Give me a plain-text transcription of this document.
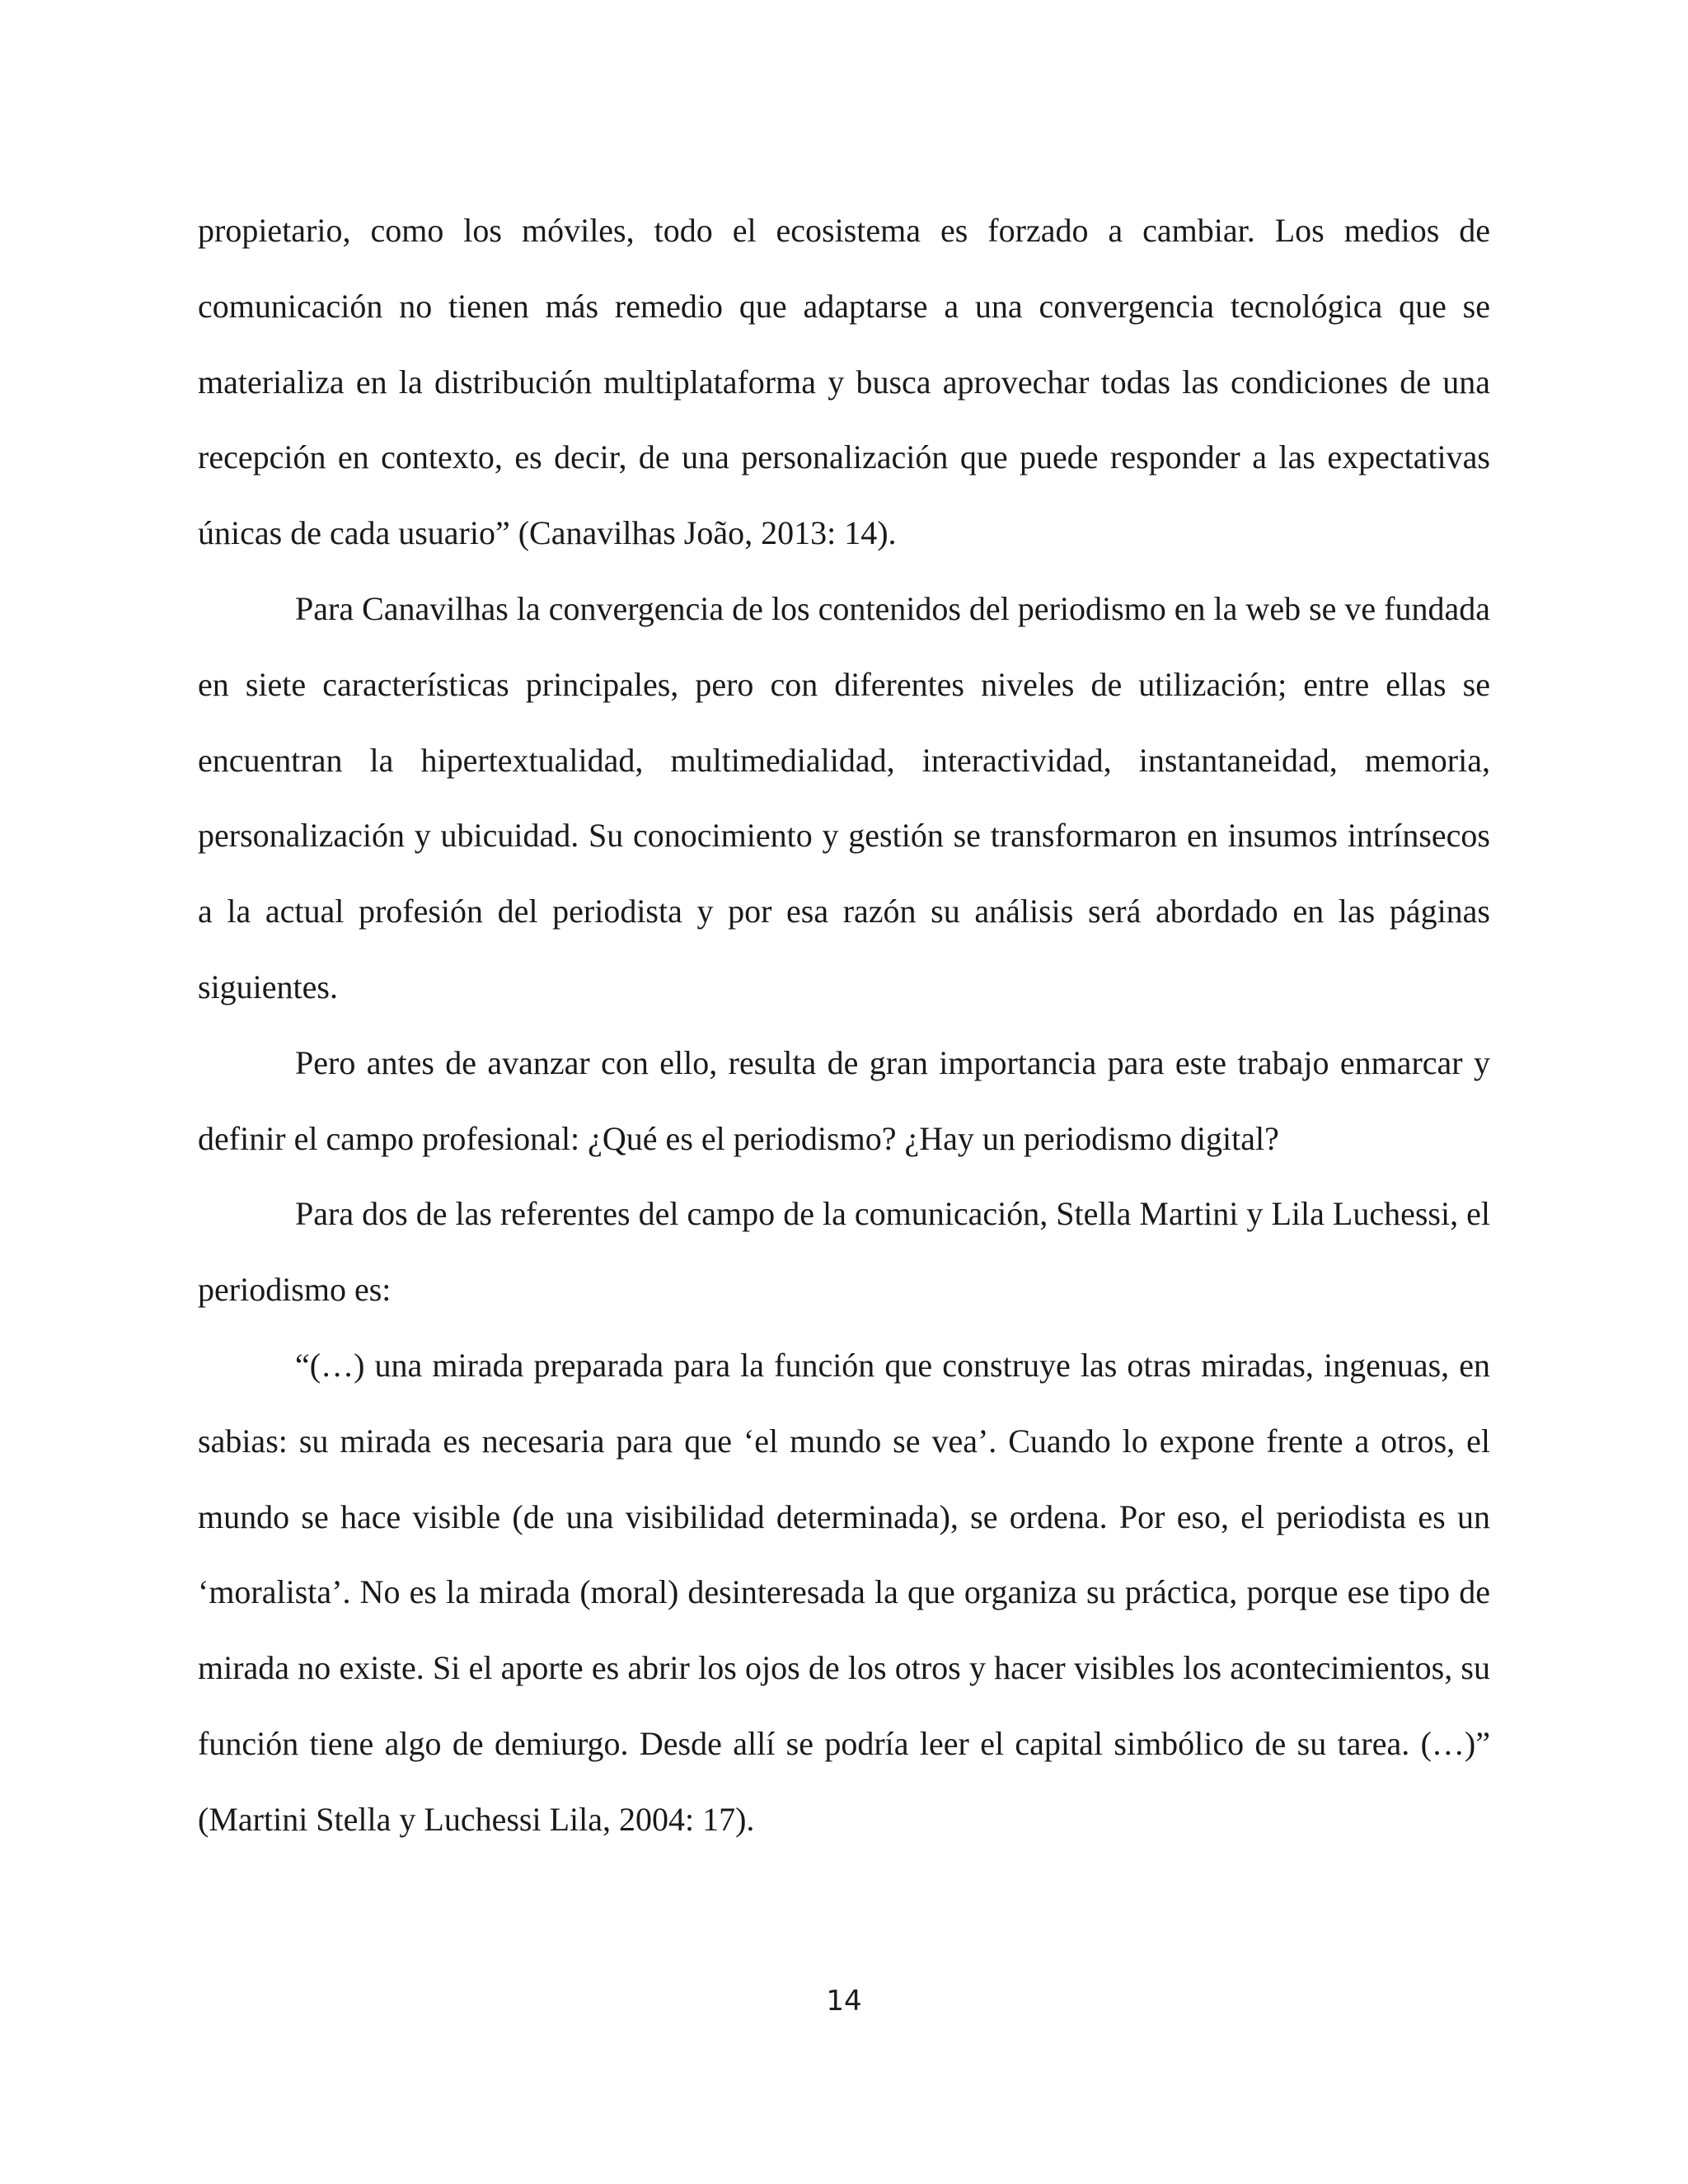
propietario, como los móviles, todo el ecosistema es forzado a cambiar. Los medios de
comunicación no tienen más remedio que adaptarse a una convergencia tecnológica que se
materializa en la distribución multiplataforma y busca aprovechar todas las condiciones de una
recepción en contexto, es decir, de una personalización que puede responder a las expectativas
únicas de cada usuario” (Canavilhas João, 2013: 14).
Para Canavilhas la convergencia de los contenidos del periodismo en la web se ve fundada
en siete características principales, pero con diferentes niveles de utilización; entre ellas se
encuentran la hipertextualidad, multimedialidad, interactividad, instantaneidad, memoria,
personalización y ubicuidad. Su conocimiento y gestión se transformaron en insumos intrínsecos
a la actual profesión del periodista y por esa razón su análisis será abordado en las páginas
siguientes.
Pero antes de avanzar con ello, resulta de gran importancia para este trabajo enmarcar y
definir el campo profesional: ¿Qué es el periodismo? ¿Hay un periodismo digital?
Para dos de las referentes del campo de la comunicación, Stella Martini y Lila Luchessi, el
periodismo es:
“(…) una mirada preparada para la función que construye las otras miradas, ingenuas, en
sabias: su mirada es necesaria para que ‘el mundo se vea’. Cuando lo expone frente a otros, el
mundo se hace visible (de una visibilidad determinada), se ordena. Por eso, el periodista es un
‘moralista’. No es la mirada (moral) desinteresada la que organiza su práctica, porque ese tipo de
mirada no existe. Si el aporte es abrir los ojos de los otros y hacer visibles los acontecimientos, su
función tiene algo de demiurgo. Desde allí se podría leer el capital simbólico de su tarea. (…)”
(Martini Stella y Luchessi Lila, 2004: 17).
14
